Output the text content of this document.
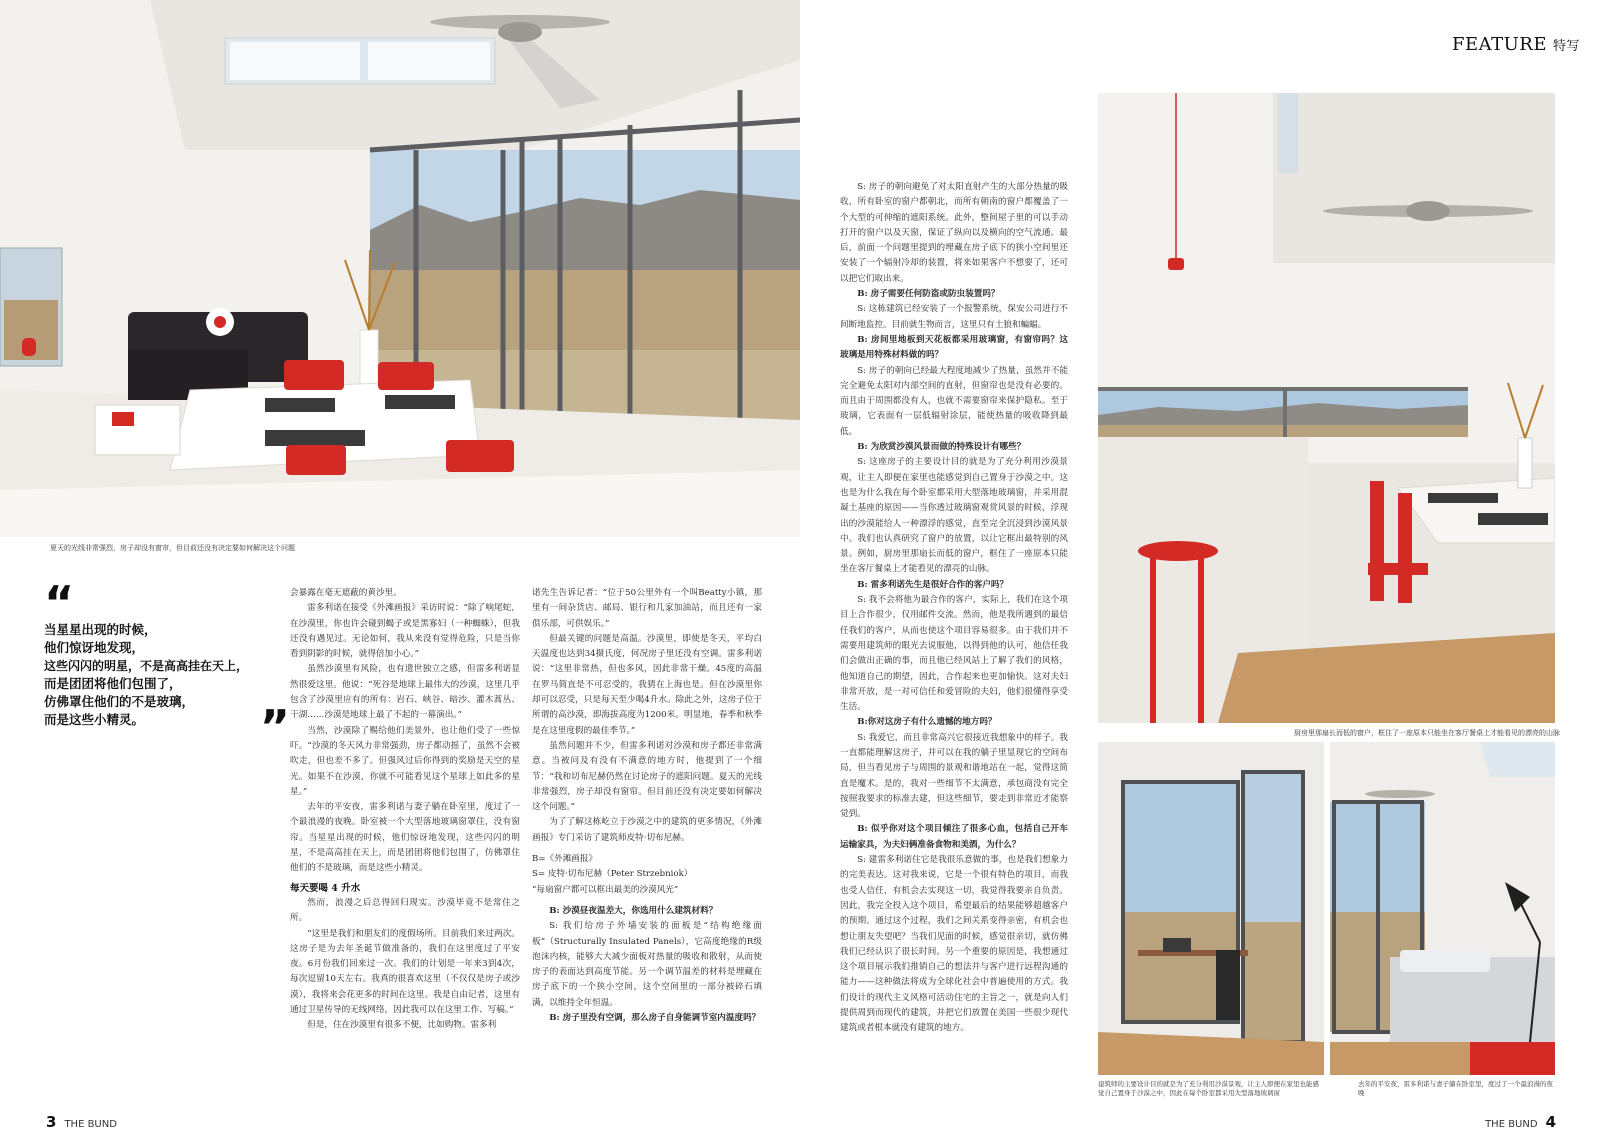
FEATURE 特写
夏天的光线非常强烈，房子却没有窗帘，但目前还没有决定要如何解决这个问题
厨房里那扇长而低的窗户，框住了一座原本只能坐在客厅餐桌上才能看见的漂亮的山脉
建筑师的主要设计目的就是为了充分利用沙漠景观，让主人即便在家里也能感觉自己置身于沙漠之中，因此在每个卧室都采用大型落地玻璃窗
去年的平安夜，雷多利诺与妻子躺在卧室里，度过了一个最浪漫的夜晚
“
当星星出现的时候，
他们惊讶地发现，
这些闪闪的明星，不是高高挂在天上，
而是团团将他们包围了，
仿佛罩住他们的不是玻璃，
而是这些小精灵。	”

会暴露在毫无遮蔽的黄沙里。

雷多利诺在接受《外滩画报》采访时说：“除了响尾蛇，在沙漠里，你也许会碰到蝎子或是黑寡妇（一种蜘蛛），但我还没有遇见过。无论如何，我从来没有觉得危险，只是当你看到阴影的时候，就得倍加小心。”

虽然沙漠里有风险，也有遗世独立之感，但雷多利诺显然很爱这里。他说：“死谷是地球上最伟大的沙漠，这里几乎包含了沙漠里应有的所有：岩石、峡谷、暗沙、灌木蒿丛、干湖……沙漠是地球上最了不起的一幕演出。”

当然，沙漠除了赐给他们美景外，也让他们受了一些惊吓。“沙漠的冬天风力非常强劲，房子都动摇了，虽然不会被吹走，但也差不多了。但强风过后你得到的奖励是天空的星光。如果不在沙漠，你就不可能看见这个星球上如此多的星星。”

去年的平安夜，雷多利诺与妻子躺在卧室里，度过了一个最浪漫的夜晚。卧室被一个大型落地玻璃窗罩住，没有窗帘。当星星出现的时候，他们惊讶地发现，这些闪闪的明星，不是高高挂在天上，而是团团将他们包围了，仿佛罩住他们的不是玻璃，而是这些小精灵。

每天要喝 4 升水

然而，浪漫之后总得回归现实。沙漠毕竟不是常住之所。

“这里是我们和朋友们的度假场所。目前我们来过两次。这房子是为去年圣诞节做准备的，我们在这里度过了平安夜。6月份我们回来过一次。我们的计划是一年来3到4次，每次逗留10天左右。我真的很喜欢这里（不仅仅是房子或沙漠），我将来会花更多的时间在这里。我是自由记者，这里有通过卫星传导的无线网络，因此我可以在这里工作、写稿。”

但是，住在沙漠里有很多不便，比如购物。雷多利

诺先生告诉记者：“位于50公里外有一个叫Beatty小镇，那里有一间杂货店、邮局、银行和几家加油站，而且还有一家俱乐部，可供娱乐。”

但最关键的问题是高温。沙漠里，即使是冬天，平均白天温度也达到34摄氏度，何况房子里还没有空调。雷多利诺说：“这里非常热，但也多风，因此非常干燥。45度的高温在罗马简直是不可忍受的，我猜在上海也是。但在沙漠里你却可以忍受，只是每天至少喝4升水。除此之外，这房子位于所谓的高沙漠，即海拔高度为1200米。明显地，春季和秋季是在这里度假的最佳季节。”

虽然问题并不少，但雷多利诺对沙漠和房子都还非常满意。当被问及有没有不满意的地方时，他提到了一个细节：“我和切布尼赫仍然在讨论房子的遮阳问题。夏天的光线非常强烈，房子却没有窗帘。但目前还没有决定要如何解决这个问题。”

为了了解这栋屹立于沙漠之中的建筑的更多情况，《外滩画报》专门采访了建筑师皮特·切布尼赫。

B=《外滩画报》

S= 皮特·切布尼赫（Peter Strzebniok）

“每扇窗户都可以框出最美的沙漠风光”

B: 沙漠昼夜温差大，你选用什么建筑材料？

S: 我们给房子外墙安装的面板是“结构绝缘面板”（Structurally Insulated Panels），它高度绝缘的R级泡沫内核，能够大大减少面板对热量的吸收和散射，从而使房子的表面达到高度节能。另一个调节温差的材料是埋藏在房子底下的一个狭小空间，这个空间里的一部分被碎石填满，以维持全年恒温。

B: 房子里没有空调，那么房子自身能调节室内温度吗？

S: 房子的朝向避免了对太阳直射产生的大部分热量的吸收，所有卧室的窗户都朝北，而所有朝南的窗户都覆盖了一个大型的可伸缩的遮阳系统。此外，整间屋子里的可以手动打开的窗户以及天窗，保证了纵向以及横向的空气流通。最后，前面一个问题里提到的埋藏在房子底下的狭小空间里还安装了一个辐射冷却的装置，将来如果客户不想要了，还可以把它们取出来。

B: 房子需要任何防盗或防虫装置吗？

S: 这栋建筑已经安装了一个报警系统，保安公司进行不间断地监控。目前就生物而言，这里只有土狼和蝙蝠。

B: 房间里地板到天花板都采用玻璃窗，有窗帘吗？这玻璃是用特殊材料做的吗？

S: 房子的朝向已经最大程度地减少了热量，虽然并不能完全避免太阳对内部空间的直射，但窗帘也是没有必要的。而且由于周围都没有人，也就不需要窗帘来保护隐私。至于玻璃，它表面有一层低辐射涂层，能使热量的吸收降到最低。

B: 为欣赏沙漠风景而做的特殊设计有哪些？

S: 这座房子的主要设计目的就是为了充分利用沙漠景观，让主人即便在家里也能感觉到自己置身于沙漠之中。这也是为什么我在每个卧室都采用大型落地玻璃窗，并采用混凝土基座的原因——当你透过玻璃窗观赏风景的时候，浮现出的沙漠能给人一种漂浮的感觉，直至完全沉浸到沙漠风景中。我们也认真研究了窗户的放置，以让它框出最特别的风景。例如，厨房里那扇长而低的窗户，框住了一座原本只能坐在客厅餐桌上才能看见的漂亮的山脉。

B: 雷多利诺先生是很好合作的客户吗？

S: 我不会将他为最合作的客户，实际上，我们在这个项目上合作很少，仅用邮件交流。然而，他是我所遇到的最信任我们的客户，从而也使这个项目容易很多。由于我们并不需要用建筑师的眼光去说服他，以得到他的认可，他信任我们会做出正确的事，而且他已经风站上了解了我们的风格，他知道自己的期望，因此，合作起来也更加愉快。这对夫妇非常开放，是一对可信任和爱冒险的夫妇，他们很懂得享受生活。

B:你对这房子有什么遗憾的地方吗？

S: 我爱它，而且非常高兴它很接近我想象中的样子。我一直都能理解这房子，并可以在我的躺子里显现它的空间布局，但当看见房子与周围的景观和谐地站在一起，觉得这简直是魔术。是的，我对一些细节不太满意，承包商没有完全按照我要求的标准去建，但这些细节，要走到非常近才能察觉到。

B: 似乎你对这个项目倾注了很多心血，包括自己开车运输家具，为夫妇俩准备食物和美酒，为什么？

S: 建雷多利诺住它是我很乐意做的事，也是我们想象力的完美表达。这对我来说，它是一个很有特色的项目，而我也受人信任，有机会去实现这一切，我觉得我要亲自负责。因此，我完全投入这个项目，希望最后的结果能够超越客户的预期。通过这个过程，我们之间关系变得亲密，有机会也想让朋友失望吧？当我们见面的时候，感觉很亲切，就仿佛我们已经认识了很长时间。另一个重要的原因是，我想通过这个项目展示我们推销自己的想法并与客户进行远程沟通的能力——这种做法将成为全球化社会中普遍使用的方式。我们设计的现代主义风格可活动住宅的主旨之一，就是向人们提供周到而现代的建筑，并把它们放置在美国一些很少现代建筑或者根本就没有建筑的地方。

3 THE BUND	THE BUND 4
